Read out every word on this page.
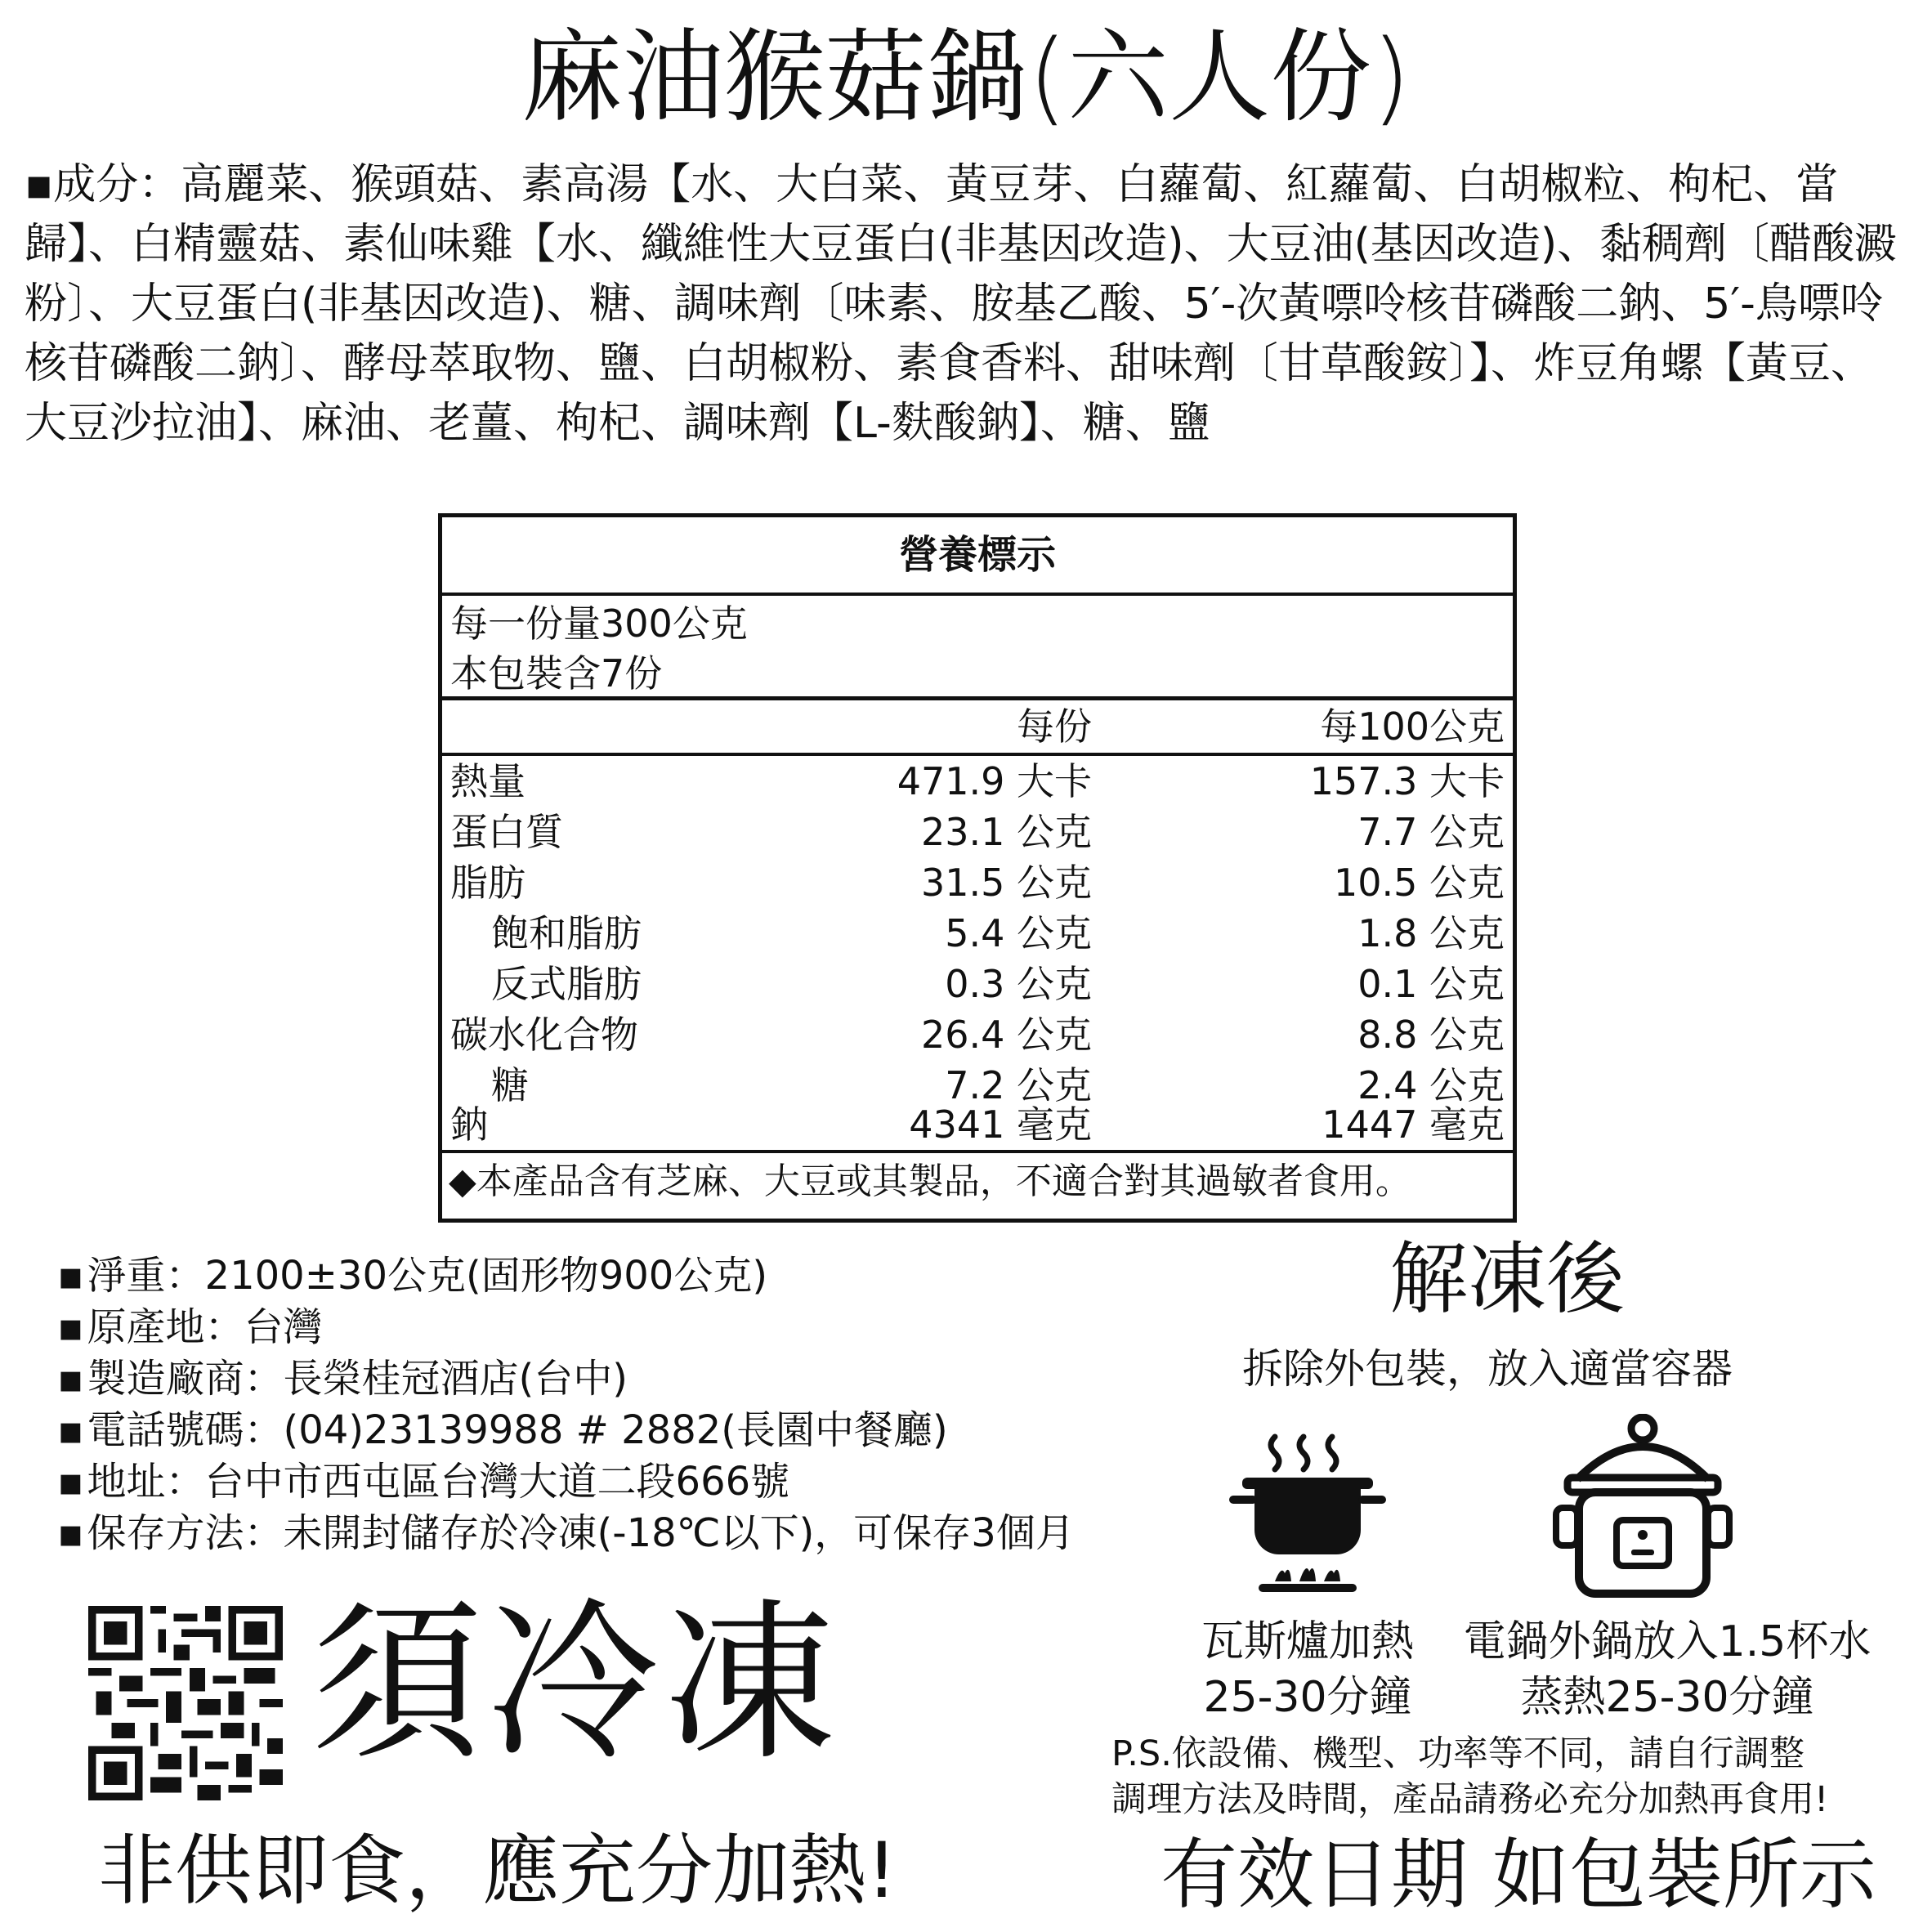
麻油猴菇鍋(六人份)
▪成分：高麗菜、猴頭菇、素高湯【水、大白菜、黃豆芽、白蘿蔔、紅蘿蔔、白胡椒粒、枸杞、當歸】、白精靈菇、素仙味雞【水、纖維性大豆蛋白(非基因改造)、大豆油(基因改造)、黏稠劑〔醋酸澱粉〕、大豆蛋白(非基因改造)、糖、調味劑〔味素、胺基乙酸、5′-次黃嘌呤核苷磷酸二鈉、5′-鳥嘌呤核苷磷酸二鈉〕、酵母萃取物、鹽、白胡椒粉、素食香料、甜味劑〔甘草酸銨〕】、炸豆角螺【黃豆、大豆沙拉油】、麻油、老薑、枸杞、調味劑【L-麩酸鈉】、糖、鹽
營養標示
每一份量300公克
本包裝含7份
每份	每100公克
熱量	471.9 大卡	157.3 大卡
蛋白質	23.1 公克	7.7 公克
脂肪	31.5 公克	10.5 公克
飽和脂肪	5.4 公克	1.8 公克
反式脂肪	0.3 公克	0.1 公克
碳水化合物	26.4 公克	8.8 公克
糖	7.2 公克	2.4 公克
鈉	4341 毫克	1447 毫克
◆本產品含有芝麻、大豆或其製品，不適合對其過敏者食用。
▪ 淨重：2100±30公克(固形物900公克)
▪ 原產地：台灣
▪ 製造廠商：長榮桂冠酒店(台中)
▪ 電話號碼：(04)23139988 # 2882(長園中餐廳)
▪ 地址：台中市西屯區台灣大道二段666號
▪ 保存方法：未開封儲存於冷凍(-18℃以下)，可保存3個月
解凍後
拆除外包裝，放入適當容器
瓦斯爐加熱
25-30分鐘
電鍋外鍋放入1.5杯水
蒸熱25-30分鐘
P.S.依設備、機型、功率等不同，請自行調整
調理方法及時間，產品請務必充分加熱再食用!
須冷凍
非供即食，應充分加熱!	有效日期 如包裝所示
